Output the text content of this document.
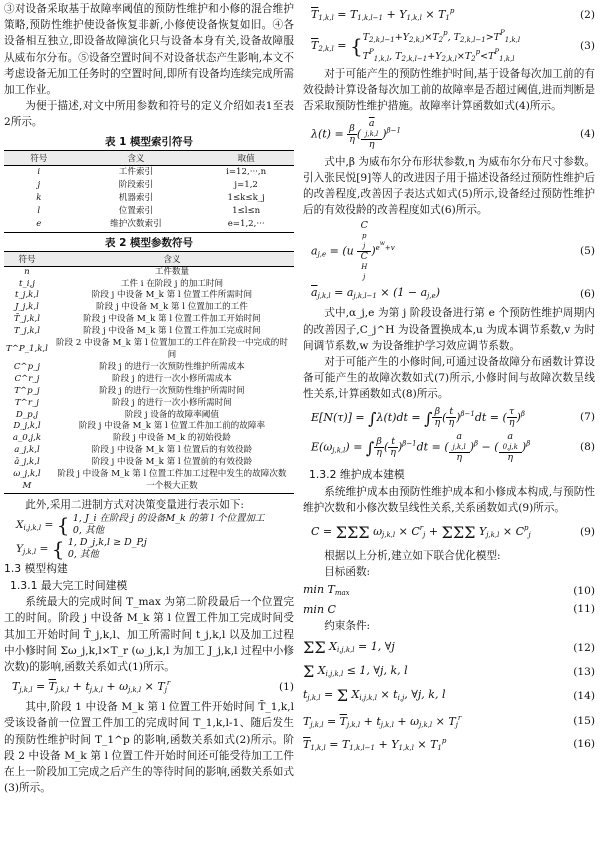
③对设备采取基于故障率阈值的预防性维护和小修的混合维护策略,预防性维护使设备恢复非新,小修使设备恢复如旧。④各设备相互独立,即设备故障演化只与设备本身有关,设备故障服从威布尔分布。⑤设备空置时间不对设备状态产生影响,本文不考虑设备无加工任务时的空置时间,即所有设备均连续完成所需加工作业。

为便于描述,对文中所用参数和符号的定义介绍如表1至表2所示。

表 1 模型索引符号
符号	含义	取值
i	工件索引	i=12,···,n
j	阶段索引	j=1,2
k	机器索引	1≤k≤k_j
l	位置索引	1≤l≤n
e	维护次数索引	e=1,2,···
表 2 模型参数符号
符号	含义
n	工件数量
t_i,j	工件 i 在阶段 j 的加工时间
t_j,k,l	阶段 j 中设备 M_k 第 l 位置工件所需时间
J_j,k,l	阶段 j 中设备 M_k 第 l 位置加工的工件
T̄_j,k,l	阶段 j 中设备 M_k 第 l 位置工件加工开始时间
T_j,k,l	阶段 j 中设备 M_k 第 l 位置工件加工完成时间
T^P_1,k,l	阶段 2 中设备 M_k 第 l 位置加工的工件在阶段一中完成的时间
C^p_j	阶段 j 的进行一次预防性维护所需成本
C^r_j	阶段 j 的进行一次小修所需成本
T^p_j	阶段 j 的进行一次预防性维护所需时间
T^r_j	阶段 j 的进行一次小修所需时间
D_p,j	阶段 j 设备的故障率阈值
D_j,k,l	阶段 j 中设备 M_k 第 l 位置工件加工前的故障率
a_0,j,k	阶段 j 中设备 M_k 的初始役龄
a_j,k,l	阶段 j 中设备 M_k 第 l 位置后的有效役龄
ā_j,k,l	阶段 j 中设备 M_k 第 l 位置前的有效役龄
ω_j,k,l	阶段 j 中设备 M_k 第 l 位置工件加工过程中发生的故障次数
M	一个极大正数

此外,采用二进制方式对决策变量进行表示如下:

$X_{i,j,k,l}$ = { 1, J_i 在阶段 j 的设备M_k 的第 l 个位置加工
0, 其他
$Y_{j,k,l}$ = { 1, D_j,k,l ≥ D_P,j
0, 其他
1.3 模型构建
1.3.1 最大完工时间建模

系统最大的完成时间 T_max 为第二阶段最后一个位置完工的时间。阶段 j 中设备 M_k 第 l 位置工件加工完成时间受其加工开始时间 T̄_j,k,l、加工所需时间 t_j,k,l 以及加工过程中小修时间 Σω_j,k,l×T_r (ω_j,k,l 为加工 J_j,k,l 过程中小修次数)的影响,函数关系如式(1)所示。

$T_{j,k,l} = \overline{T}_{j,k,l} + t_{j,k,l} + \omega_{j,k,l} \times T_j^r$	(1)

其中,阶段 1 中设备 M_k 第 l 位置工件开始时间 T̄_1,k,l 受该设备前一位置工件加工的完成时间 T_1,k,l-1、随后发生的预防性维护时间 T_1^p 的影响,函数关系如式(2)所示。阶段 2 中设备 M_k 第 l 位置工件开始时间还可能受待加工工件在上一阶段加工完成之后产生的等待时间的影响,函数关系如式(3)所示。

$\overline{T}_{1,k,l} = T_{1,k,l-1} + Y_{1,k,l} \times T_1^p$	(2)
$\overline{T}_{2,k,l}$ = { $T_{2,k,l-1}+Y_{2,k,l}\times T_2^p$, $T_{2,k,l-1}>T^P_{1,k,l}$
$T^P_{1,k,l}$, $T_{2,k,l-1}+Y_{2,k,l}\times T_2^p<T^P_{1,k,l}$
(3)

对于可能产生的预防性维护时间,基于设备每次加工前的有效役龄计算设备每次加工前的故障率是否超过阈值,进而判断是否采取预防性维护措施。故障率计算函数如式(4)所示。

$\lambda(t) = \frac{\beta}{\eta}$ ( $\overline{a}$
j,k,l
η )$^{\beta-1}$	(4)

式中,β 为威布尔分布形状参数,η 为威布尔分布尺寸参数。引入张民悦[9]等人的改进因子用于描述设备经过预防性维护后的改善程度,改善因子表达式如式(5)所示,设备经过预防性维护后的有效役龄的改善程度如式(6)所示。

$a_{j,e} = (u$ C
p
j
C
H
j )$^{ew+v}$	(5)
$\overline{a}_{j,k,l} = a_{j,k,l-1} \times (1 - a_{j,e})$	(6)

式中,α_j,e 为第 j 阶段设备进行第 e 个预防性维护周期内的改善因子,C_j^H 为设备置换成本,u 为成本调节系数,v 为时间调节系数,w 为设备维护学习效应调节系数。

对于可能产生的小修时间,可通过设备故障分布函数计算设备可能产生的故障次数如式(7)所示,小修时间与故障次数呈线性关系,计算函数如式(8)所示。

E[N(τ)] = ∫λ(t)dt = ∫ $\frac{\beta}{\eta}$ ( $\frac{t}{\eta} )^{\beta-1}dt$ = ( $\frac{\tau}{\eta} )^\beta$	(7)
$E(\omega_{j,k,l})$ = ∫ $\frac{\beta}{\eta}$ ( $\frac{t}{\eta} )^{\beta-1}dt$ = ( a
j,k,l
η )$^\beta$ − ( a
0,j,k
η )$^\beta$	(8)
1.3.2 维护成本建模

系统维护成本由预防性维护成本和小修成本构成,与预防性维护次数和小修次数呈线性关系,关系函数如式(9)所示。

C = ΣΣΣ $\omega_{j,k,l} \times C^r_j + \Sigma\Sigma\Sigma$ $Y_{j,k,l} \times C^p_j$	(9)

根据以上分析,建立如下联合优化模型:

目标函数:

$\min T_{max}$	(10)
min C	(11)

约束条件:

ΣΣ $X_{i,j,k,l} = 1$, ∀j	(12)
Σ $X_{i,j,k,l} \le 1$, ∀j, k, l	(13)
$t_{j,k,l} = \Sigma$ $X_{i,j,k,l} \times t_{i,j}$, ∀j, k, l	(14)
$T_{j,k,l} = \overline{T}_{j,k,l} + t_{j,k,l} + \omega_{j,k,l} \times T_j^r$	(15)
$\overline{T}_{1,k,l} = T_{1,k,l-1} + Y_{1,k,l} \times T_1^p$	(16)
